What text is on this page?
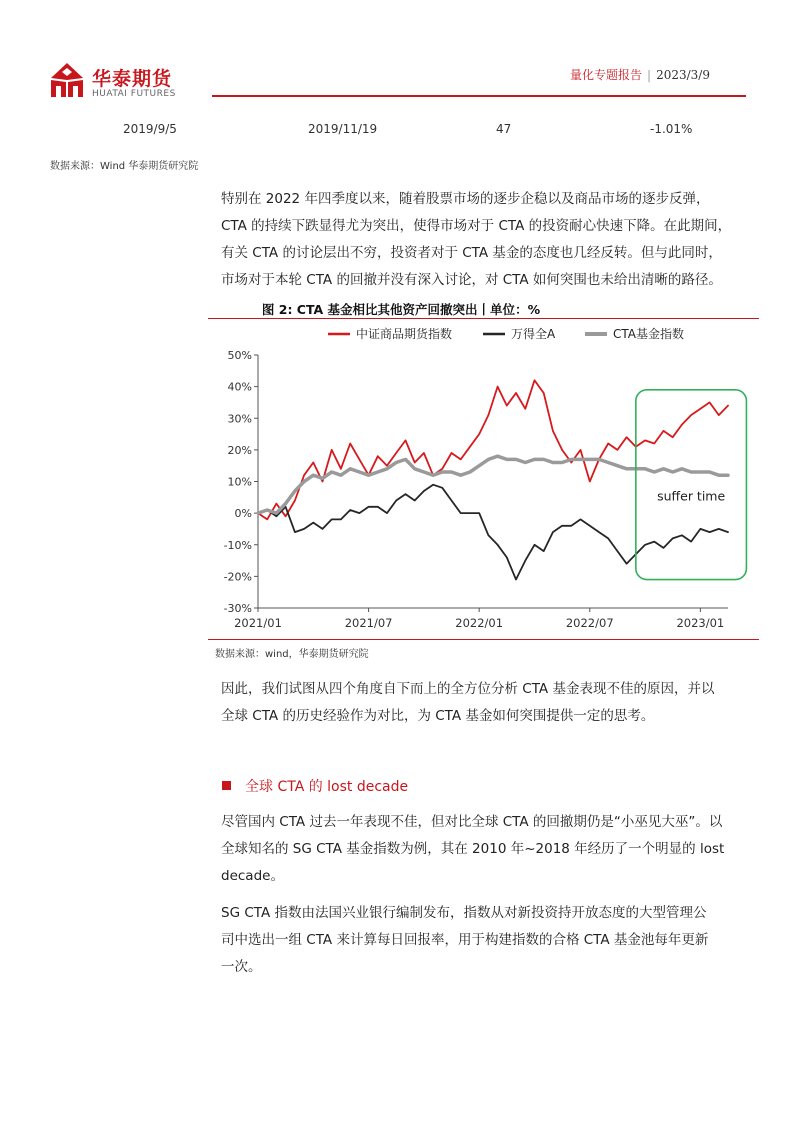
华泰期货
HUATAI FUTURES
量化专题报告 | 2023/3/9
2019/9/5	2019/11/19	47	-1.01%
数据来源：Wind 华泰期货研究院
特别在 2022 年四季度以来，随着股票市场的逐步企稳以及商品市场的逐步反弹，
CTA 的持续下跌显得尤为突出，使得市场对于 CTA 的投资耐心快速下降。在此期间，
有关 CTA 的讨论层出不穷，投资者对于 CTA 基金的态度也几经反转。但与此同时，
市场对于本轮 CTA 的回撤并没有深入讨论，对 CTA 如何突围也未给出清晰的路径。
图 2: CTA 基金相比其他资产回撤突出丨单位：%
-30%
-20%
-10%
0%
10%
20%
30%
40%
50%
2021/01	2021/07	2022/01	2022/07	2023/01
suffer time
中证商品期货指数	万得全A	CTA基金指数
数据来源：wind，华泰期货研究院
因此，我们试图从四个角度自下而上的全方位分析 CTA 基金表现不佳的原因，并以
全球 CTA 的历史经验作为对比，为 CTA 基金如何突围提供一定的思考。
全球 CTA 的 lost decade
尽管国内 CTA 过去一年表现不佳，但对比全球 CTA 的回撤期仍是“小巫见大巫”。以
全球知名的 SG CTA 基金指数为例，其在 2010 年~2018 年经历了一个明显的 lost
decade。
SG CTA 指数由法国兴业银行编制发布，指数从对新投资持开放态度的大型管理公
司中选出一组 CTA 来计算每日回报率，用于构建指数的合格 CTA 基金池每年更新
一次。
